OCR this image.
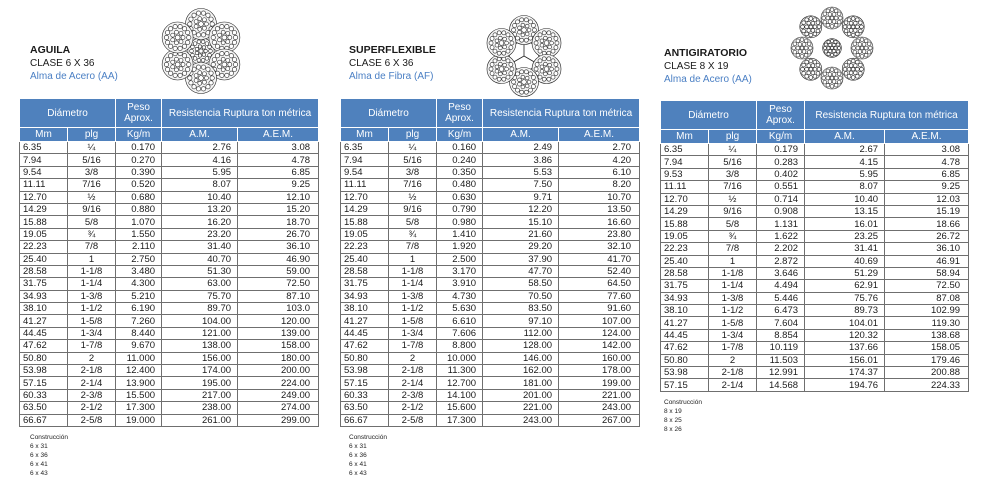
AGUILA
CLASE 6 X 36
Alma de Acero (AA)
Diámetro		Peso Aprox.	Resistencia Ruptura ton métrica	
Mm	plg	Kg/m	A.M.	A.E.M.
6.35	¼	0.170	2.76	3.08
7.94	5/16	0.270	4.16	4.78
9.54	3/8	0.390	5.95	6.85
11.11	7/16	0.520	8.07	9.25
12.70	½	0.680	10.40	12.10
14.29	9/16	0.880	13.20	15.20
15.88	5/8	1.070	16.20	18.70
19.05	¾	1.550	23.20	26.70
22.23	7/8	2.110	31.40	36.10
25.40	1	2.750	40.70	46.90
28.58	1-1/8	3.480	51.30	59.00
31.75	1-1/4	4.300	63.00	72.50
34.93	1-3/8	5.210	75.70	87.10
38.10	1-1/2	6.190	89.70	103.0
41.27	1-5/8	7.260	104.00	120.00
44.45	1-3/4	8.440	121.00	139.00
47.62	1-7/8	9.670	138.00	158.00
50.80	2	11.000	156.00	180.00
53.98	2-1/8	12.400	174.00	200.00
57.15	2-1/4	13.900	195.00	224.00
60.33	2-3/8	15.500	217.00	249.00
63.50	2-1/2	17.300	238.00	274.00
66.67	2-5/8	19.000	261.00	299.00
Construcción
6 x 31
6 x 36
6 x 41
6 x 43
SUPERFLEXIBLE
CLASE 6 X 36
Alma de Fibra (AF)
Diámetro		Peso Aprox.	Resistencia Ruptura ton métrica	
Mm	plg	Kg/m	A.M.	A.E.M.
6.35	¼	0.160	2.49	2.70
7.94	5/16	0.240	3.86	4.20
9.54	3/8	0.350	5.53	6.10
11.11	7/16	0.480	7.50	8.20
12.70	½	0.630	9.71	10.70
14.29	9/16	0.790	12.20	13.50
15.88	5/8	0.980	15.10	16.60
19.05	¾	1.410	21.60	23.80
22.23	7/8	1.920	29.20	32.10
25.40	1	2.500	37.90	41.70
28.58	1-1/8	3.170	47.70	52.40
31.75	1-1/4	3.910	58.50	64.50
34.93	1-3/8	4.730	70.50	77.60
38.10	1-1/2	5.630	83.50	91.60
41.27	1-5/8	6.610	97.10	107.00
44.45	1-3/4	7.606	112.00	124.00
47.62	1-7/8	8.800	128.00	142.00
50.80	2	10.000	146.00	160.00
53.98	2-1/8	11.300	162.00	178.00
57.15	2-1/4	12.700	181.00	199.00
60.33	2-3/8	14.100	201.00	221.00
63.50	2-1/2	15.600	221.00	243.00
66.67	2-5/8	17.300	243.00	267.00
Construcción
6 x 31
6 x 36
6 x 41
6 x 43
ANTIGIRATORIO
CLASE 8 X 19
Alma de Acero (AA)
Diámetro		Peso Aprox.	Resistencia Ruptura ton métrica	
Mm	plg	Kg/m	A.M.	A.E.M.
6.35	¼	0.179	2.67	3.08
7.94	5/16	0.283	4.15	4.78
9.53	3/8	0.402	5.95	6.85
11.11	7/16	0.551	8.07	9.25
12.70	½	0.714	10.40	12.03
14.29	9/16	0.908	13.15	15.19
15.88	5/8	1.131	16.01	18.66
19.05	¾	1.622	23.25	26.72
22.23	7/8	2.202	31.41	36.10
25.40	1	2.872	40.69	46.91
28.58	1-1/8	3.646	51.29	58.94
31.75	1-1/4	4.494	62.91	72.50
34.93	1-3/8	5.446	75.76	87.08
38.10	1-1/2	6.473	89.73	102.99
41.27	1-5/8	7.604	104.01	119.30
44.45	1-3/4	8.854	120.32	138.68
47.62	1-7/8	10.119	137.66	158.05
50.80	2	11.503	156.01	179.46
53.98	2-1/8	12.991	174.37	200.88
57.15	2-1/4	14.568	194.76	224.33
Construcción
8 x 19
8 x 25
8 x 26
